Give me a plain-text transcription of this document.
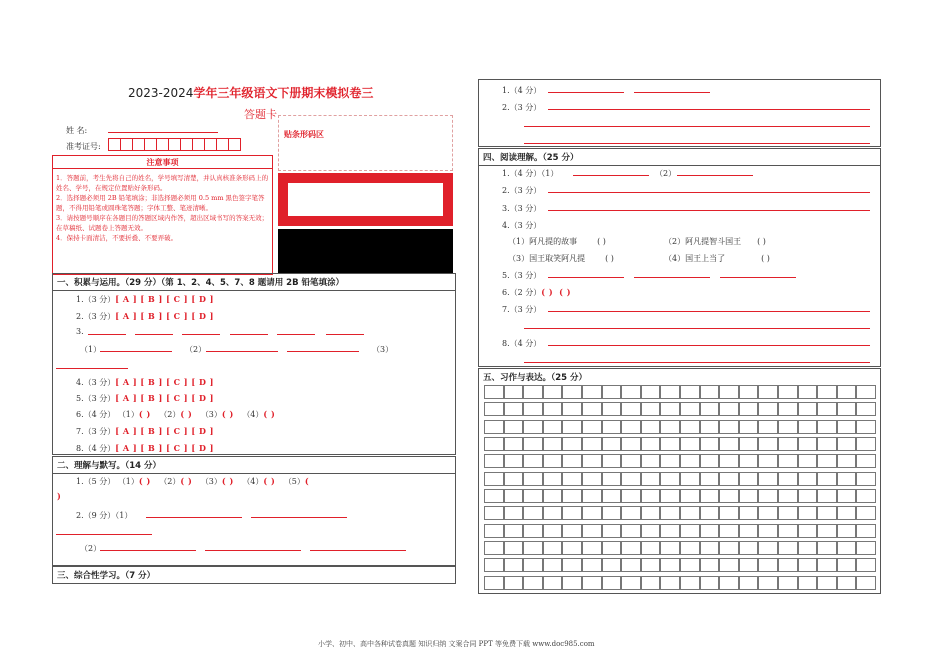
2023-2024学年三年级语文下册期末模拟卷三
答题卡
姓 名:
准考证号:
贴条形码区
注意事项
1．答题前，考生先将自己的姓名，学号填写清楚，并认真核准条形码上的姓名、学号，在规定位置贴好条形码。
2．选择题必须用 2B 铅笔填涂；非选择题必须用 0.5 mm 黑色签字笔答题，不得用铅笔或圆珠笔答题；字体工整、笔迹清晰。
3．请按题号顺序在各题目的答题区域内作答，超出区域书写的答案无效；在草稿纸、试题卷上答题无效。
4．保持卡面清洁，不要折叠、不要弄破。
一、积累与运用。（29 分）（第 1、2、4、5、7、8 题请用 2B 铅笔填涂）
1.（3 分）[ A ] [ B ] [ C ] [ D ]
2.（3 分）[ A ] [ B ] [ C ] [ D ]
3.
（1）	（2）	（3）
4.（3 分）[ A ] [ B ] [ C ] [ D ]
5.（3 分）[ A ] [ B ] [ C ] [ D ]
6.（4 分） （1）( ) （2）( ) （3）( ) （4）( )
7.（3 分）[ A ] [ B ] [ C ] [ D ]
8.（4 分）[ A ] [ B ] [ C ] [ D ]
二、理解与默写。（14 分）
1.（5 分） （1）( ) （2）( ) （3）( ) （4）( ) （5）(
)
2.（9 分）（1）
（2）
三、综合性学习。（7 分）
1.（4 分）
2.（3 分）
四、阅读理解。（25 分）
1.（4 分）（1）	（2）
2.（3 分）
3.（3 分）
4.（3 分）
（1）阿凡提的故事	( )	（2）阿凡提智斗国王 ( )
（3）国王取笑阿凡提	( )	（4）国王上当了	( )
5.（3 分）
6.（2 分）( ) ( )
7.（3 分）
8.（4 分）
五、习作与表达。（25 分）
小学、初中、高中各种试卷真题 知识归纳 文案合同 PPT 等免费下载 www.doc985.com
